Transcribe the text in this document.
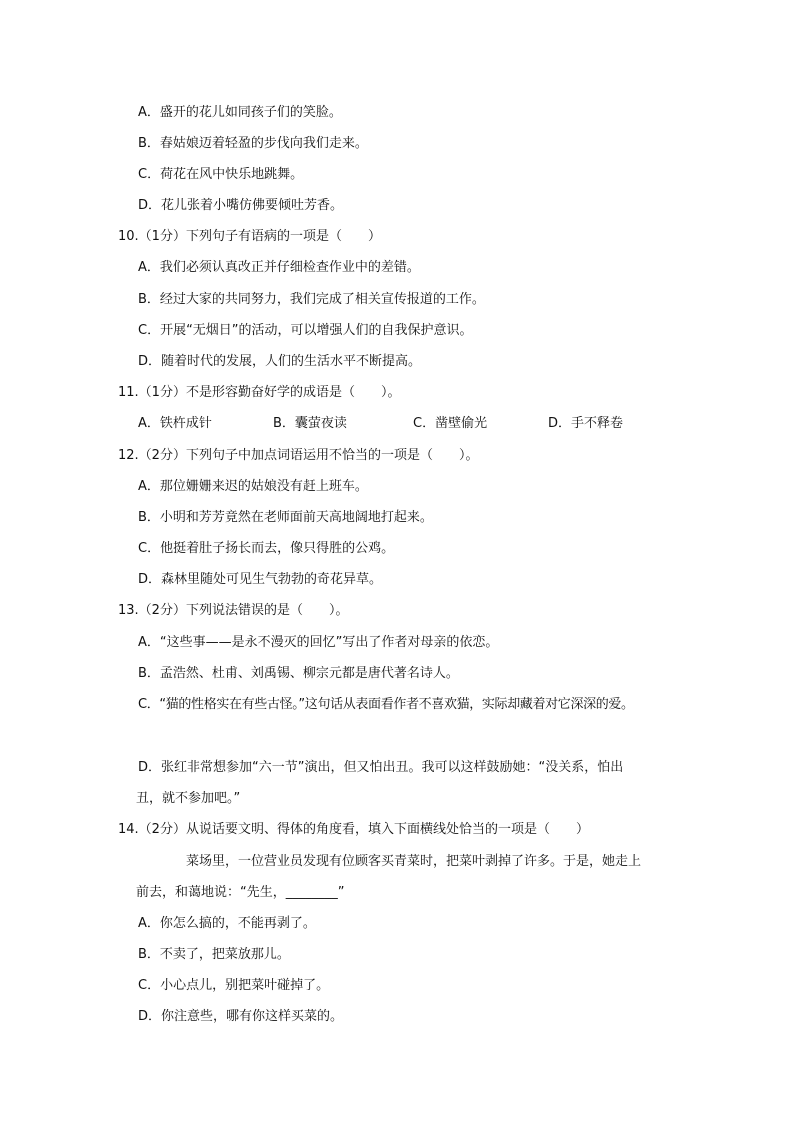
A．盛开的花儿如同孩子们的笑脸。
B．春姑娘迈着轻盈的步伐向我们走来。
C．荷花在风中快乐地跳舞。
D．花儿张着小嘴仿佛要倾吐芳香。
10.（1分）下列句子有语病的一项是（　　）
A．我们必须认真改正并仔细检查作业中的差错。
B．经过大家的共同努力，我们完成了相关宣传报道的工作。
C．开展“无烟日”的活动，可以增强人们的自我保护意识。
D．随着时代的发展，人们的生活水平不断提高。
11.（1分）不是形容勤奋好学的成语是（　　）。
A．铁杵成针	B．囊萤夜读	C．凿壁偷光	D．手不释卷
12.（2分）下列句子中加点词语运用不恰当的一项是（　　）。
A．那位姗姗来迟的姑娘没有赶上班车。
B．小明和芳芳竟然在老师面前天高地阔地打起来。
C．他挺着肚子扬长而去，像只得胜的公鸡。
D．森林里随处可见生气勃勃的奇花异草。
13.（2分）下列说法错误的是（　　）。
A．“这些事——是永不漫灭的回忆”写出了作者对母亲的依恋。
B．孟浩然、杜甫、刘禹锡、柳宗元都是唐代著名诗人。
C．“猫的性格实在有些古怪。”这句话从表面看作者不喜欢猫，实际却藏着对它深深的爱。
D．张红非常想参加“六一节”演出，但又怕出丑。我可以这样鼓励她：“没关系，怕出
丑，就不参加吧。”
14.（2分）从说话要文明、得体的角度看，填入下面横线处恰当的一项是（　　）
菜场里，一位营业员发现有位顾客买青菜时，把菜叶剥掉了许多。于是，她走上
前去，和蔼地说：“先生，________”
A．你怎么搞的，不能再剥了。
B．不卖了，把菜放那儿。
C．小心点儿，别把菜叶碰掉了。
D．你注意些，哪有你这样买菜的。
